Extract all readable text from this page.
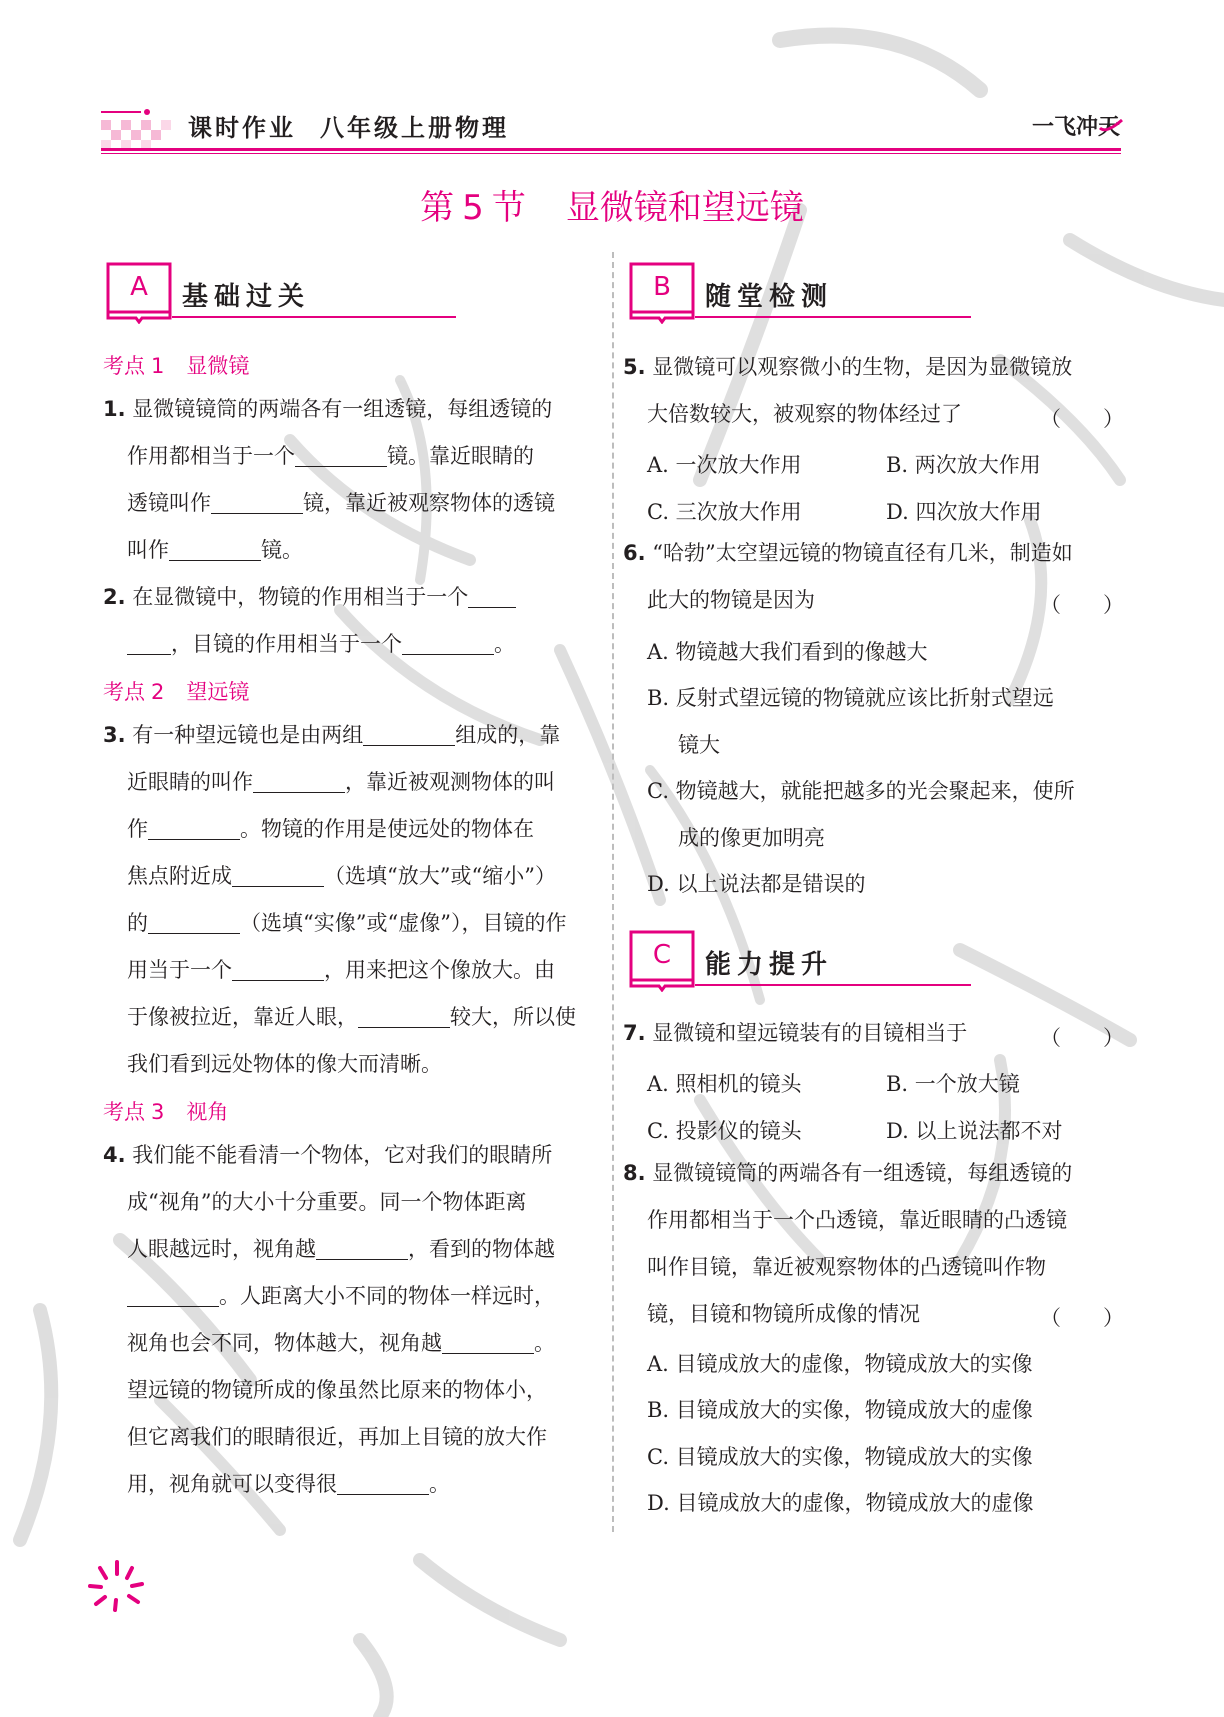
课时作业 八年级上册物理	一飞冲天
第 5 节 显微镜和望远镜
A	基础过关	B	随堂检测
C	能力提升
考点 1 显微镜
1. 显微镜镜筒的两端各有一组透镜，每组透镜的
作用都相当于一个	镜。靠近眼睛的
透镜叫作	镜，靠近被观察物体的透镜
叫作	镜。
2. 在显微镜中，物镜的作用相当于一个
，目镜的作用相当于一个	。
考点 2 望远镜
3. 有一种望远镜也是由两组	组成的，靠
近眼睛的叫作	，靠近被观测物体的叫
作	。物镜的作用是使远处的物体在
焦点附近成	（选填“放大”或“缩小”）
的	（选填“实像”或“虚像”），目镜的作
用当于一个	，用来把这个像放大。由
于像被拉近，靠近人眼，	较大，所以使
我们看到远处物体的像大而清晰。
考点 3 视角
4. 我们能不能看清一个物体，它对我们的眼睛所
成“视角”的大小十分重要。同一个物体距离
人眼越远时，视角越	，看到的物体越
。人距离大小不同的物体一样远时，
视角也会不同，物体越大，视角越	。
望远镜的物镜所成的像虽然比原来的物体小，
但它离我们的眼睛很近，再加上目镜的放大作
用，视角就可以变得很	。
5. 显微镜可以观察微小的生物，是因为显微镜放
大倍数较大，被观察的物体经过了	（　　）
A. 一次放大作用	B. 两次放大作用
C. 三次放大作用	D. 四次放大作用
6. “哈勃”太空望远镜的物镜直径有几米，制造如
此大的物镜是因为	（　　）
A. 物镜越大我们看到的像越大
B. 反射式望远镜的物镜就应该比折射式望远
镜大
C. 物镜越大，就能把越多的光会聚起来，使所
成的像更加明亮
D. 以上说法都是错误的
7. 显微镜和望远镜装有的目镜相当于	（　　）
A. 照相机的镜头	B. 一个放大镜
C. 投影仪的镜头	D. 以上说法都不对
8. 显微镜镜筒的两端各有一组透镜，每组透镜的
作用都相当于一个凸透镜，靠近眼睛的凸透镜
叫作目镜，靠近被观察物体的凸透镜叫作物
镜，目镜和物镜所成像的情况	（　　）
A. 目镜成放大的虚像，物镜成放大的实像
B. 目镜成放大的实像，物镜成放大的虚像
C. 目镜成放大的实像，物镜成放大的实像
D. 目镜成放大的虚像，物镜成放大的虚像
